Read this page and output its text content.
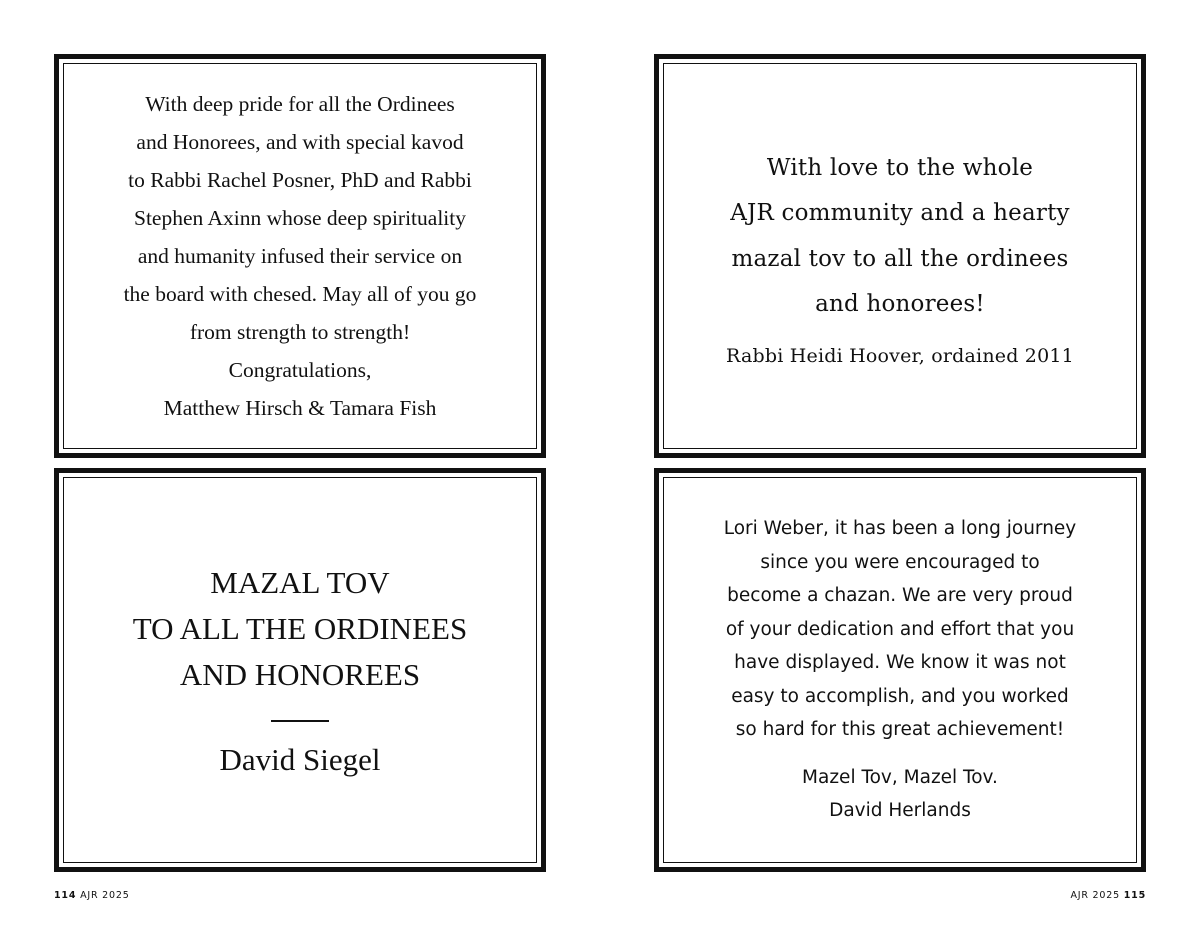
With deep pride for all the Ordinees
and Honorees, and with special kavod
to Rabbi Rachel Posner, PhD and Rabbi
Stephen Axinn whose deep spirituality
and humanity infused their service on
the board with chesed. May all of you go
from strength to strength!
Congratulations,
Matthew Hirsch & Tamara Fish
With love to the whole
AJR community and a hearty
mazal tov to all the ordinees
and honorees!
Rabbi Heidi Hoover, ordained 2011
MAZAL TOV
TO ALL THE ORDINEES
AND HONOREES
David Siegel
Lori Weber, it has been a long journey
since you were encouraged to
become a chazan. We are very proud
of your dedication and effort that you
have displayed. We know it was not
easy to accomplish, and you worked
so hard for this great achievement!
Mazel Tov, Mazel Tov.
David Herlands
114 AJR 2025	AJR 2025 115
